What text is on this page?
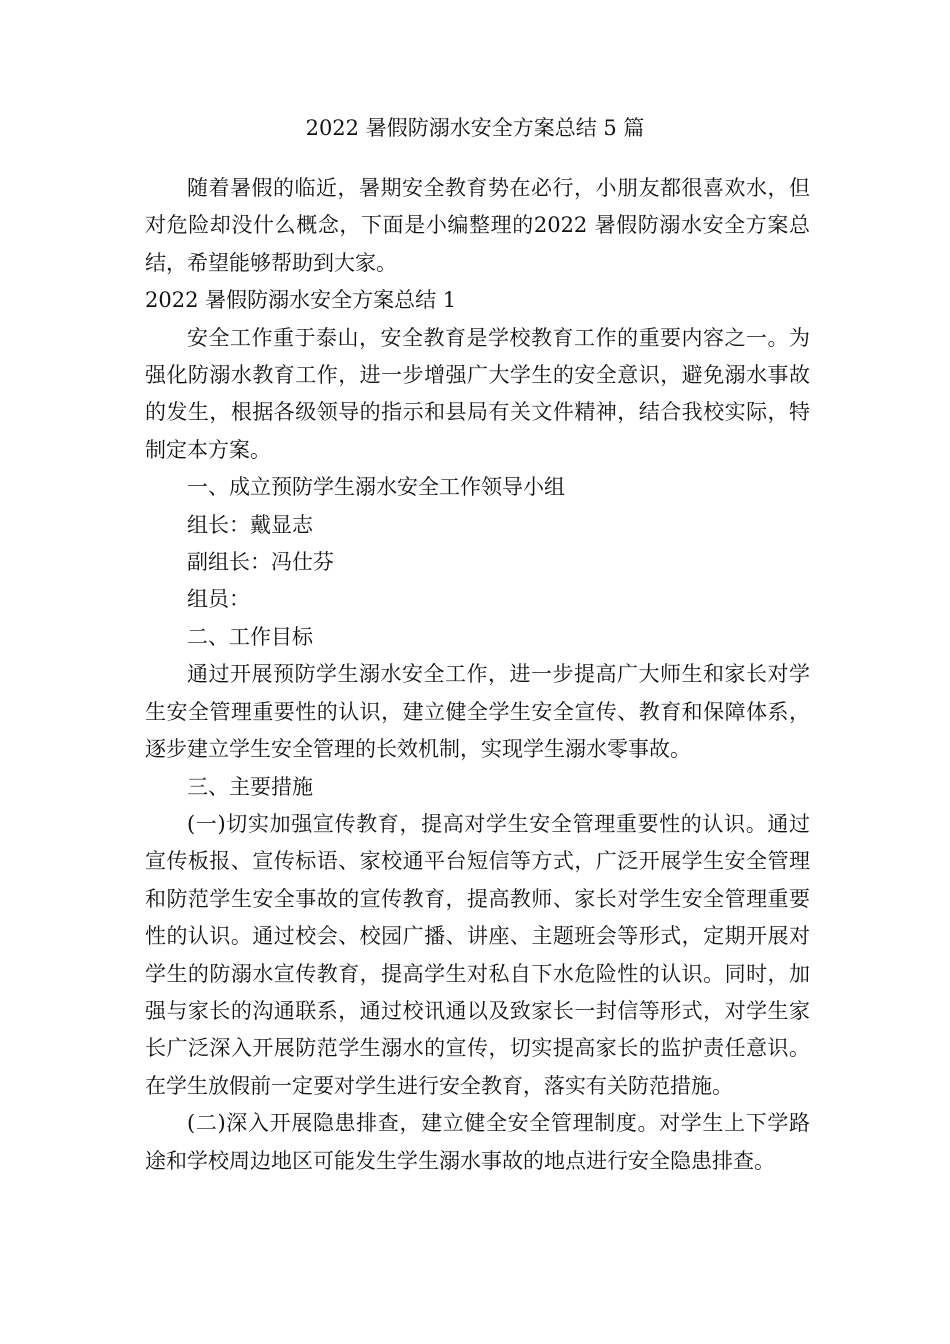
2022 暑假防溺水安全方案总结 5 篇

随着暑假的临近，暑期安全教育势在必行，小朋友都很喜欢水，但对危险却没什么概念，下面是小编整理的2022 暑假防溺水安全方案总结，希望能够帮助到大家。

2022 暑假防溺水安全方案总结 1

安全工作重于泰山，安全教育是学校教育工作的重要内容之一。为强化防溺水教育工作，进一步增强广大学生的安全意识，避免溺水事故的发生，根据各级领导的指示和县局有关文件精神，结合我校实际，特制定本方案。

一、成立预防学生溺水安全工作领导小组

组长：戴显志

副组长：冯仕芬

组员：

二、工作目标

通过开展预防学生溺水安全工作，进一步提高广大师生和家长对学生安全管理重要性的认识，建立健全学生安全宣传、教育和保障体系，逐步建立学生安全管理的长效机制，实现学生溺水零事故。

三、主要措施

(一)切实加强宣传教育，提高对学生安全管理重要性的认识。通过宣传板报、宣传标语、家校通平台短信等方式，广泛开展学生安全管理和防范学生安全事故的宣传教育，提高教师、家长对学生安全管理重要性的认识。通过校会、校园广播、讲座、主题班会等形式，定期开展对学生的防溺水宣传教育，提高学生对私自下水危险性的认识。同时，加强与家长的沟通联系，通过校讯通以及致家长一封信等形式，对学生家长广泛深入开展防范学生溺水的宣传，切实提高家长的监护责任意识。在学生放假前一定要对学生进行安全教育，落实有关防范措施。

(二)深入开展隐患排查，建立健全安全管理制度。对学生上下学路途和学校周边地区可能发生学生溺水事故的地点进行安全隐患排查。
